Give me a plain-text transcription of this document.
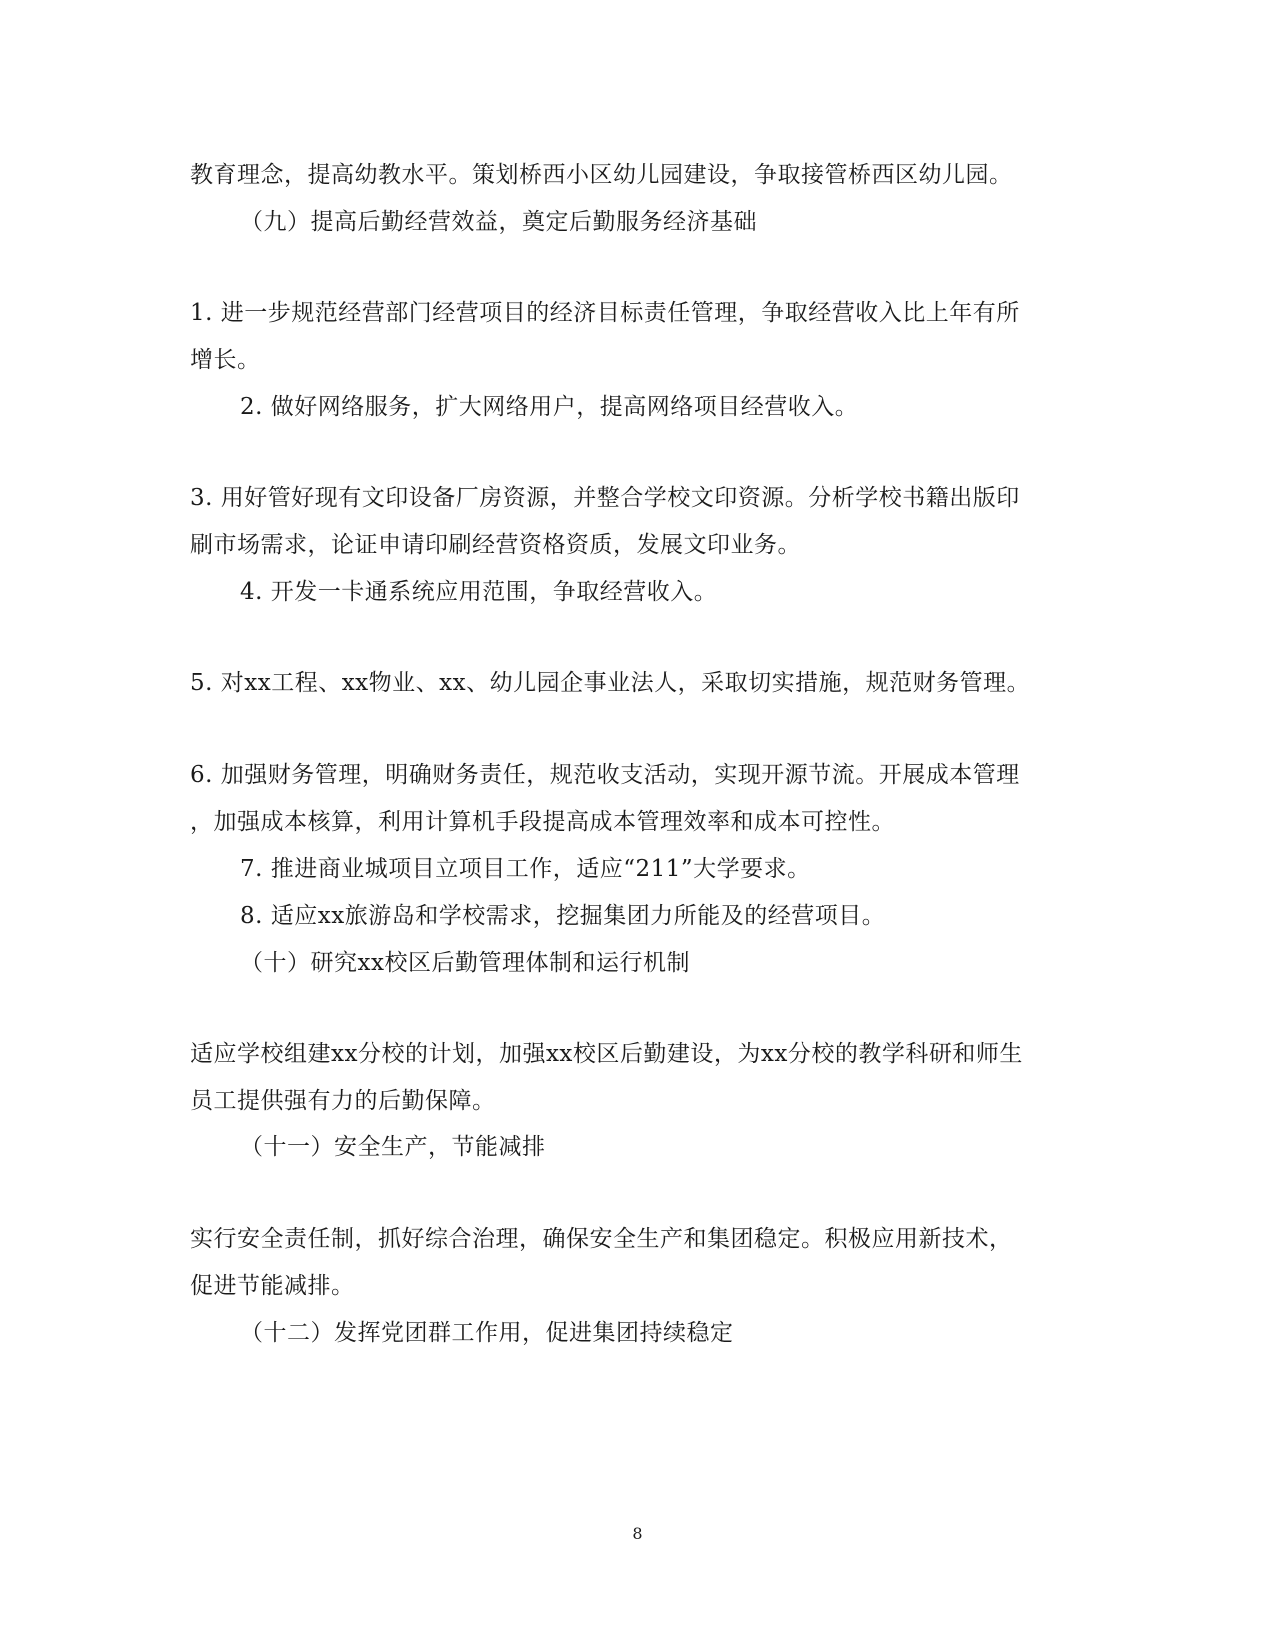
教育理念，提高幼教水平。策划桥西小区幼儿园建设，争取接管桥西区幼儿园。
（九）提高后勤经营效益，奠定后勤服务经济基础
1. 进一步规范经营部门经营项目的经济目标责任管理，争取经营收入比上年有所
增长。
2. 做好网络服务，扩大网络用户，提高网络项目经营收入。
3. 用好管好现有文印设备厂房资源，并整合学校文印资源。分析学校书籍出版印
刷市场需求，论证申请印刷经营资格资质，发展文印业务。
4. 开发一卡通系统应用范围，争取经营收入。
5. 对xx工程、xx物业、xx、幼儿园企事业法人，采取切实措施，规范财务管理。
6. 加强财务管理，明确财务责任，规范收支活动，实现开源节流。开展成本管理
，加强成本核算，利用计算机手段提高成本管理效率和成本可控性。
7. 推进商业城项目立项目工作，适应“211”大学要求。
8. 适应xx旅游岛和学校需求，挖掘集团力所能及的经营项目。
（十）研究xx校区后勤管理体制和运行机制
适应学校组建xx分校的计划，加强xx校区后勤建设，为xx分校的教学科研和师生
员工提供强有力的后勤保障。
（十一）安全生产，节能减排
实行安全责任制，抓好综合治理，确保安全生产和集团稳定。积极应用新技术，
促进节能减排。
（十二）发挥党团群工作用，促进集团持续稳定
8
